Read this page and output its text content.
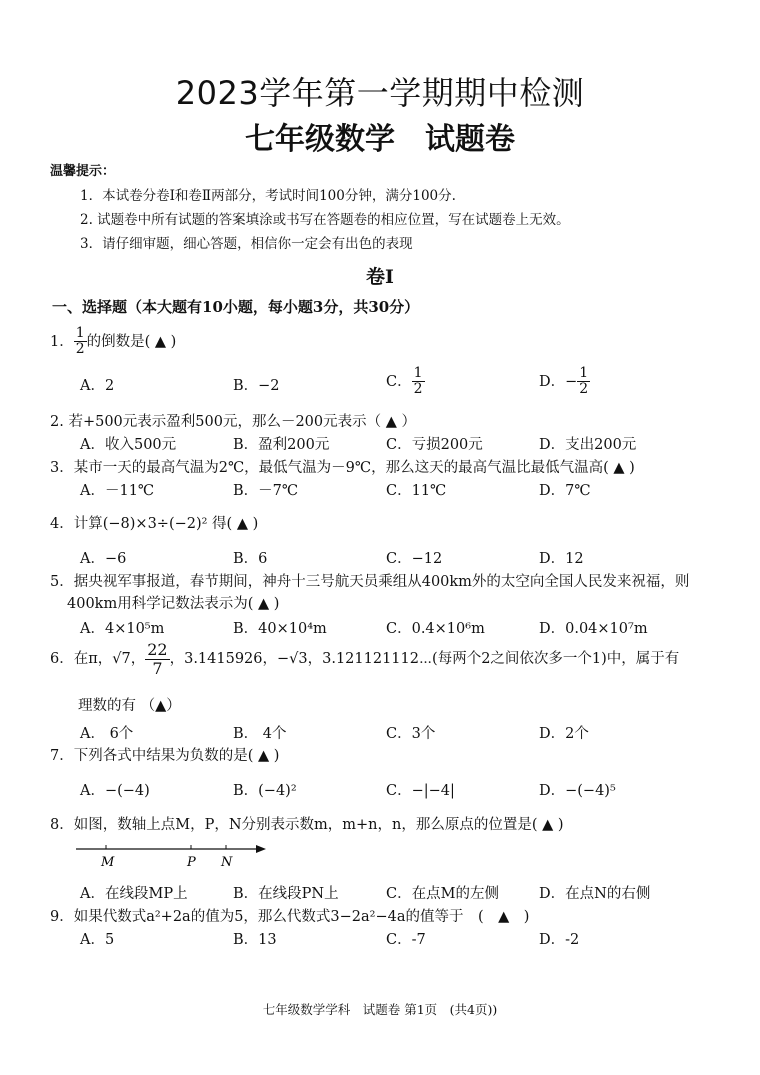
2023学年第一学期期中检测
七年级数学　试题卷
温馨提示：
1．本试卷分卷Ⅰ和卷Ⅱ两部分，考试时间100分钟，满分100分.
2. 试题卷中所有试题的答案填涂或书写在答题卷的相应位置，写在试题卷上无效。
3．请仔细审题，细心答题，相信你一定会有出色的表现
卷Ⅰ
一、选择题（本大题有10小题，每小题3分，共30分）
1． $\frac{1}{2}$ 的倒数是( ▲ )
A．2	B．−2	C． $\frac{1}{2}$	D．− $\frac{1}{2}$
2. 若+500元表示盈利500元，那么－200元表示（ ▲ ）
A．收入500元	B．盈利200元	C．亏损200元	D．支出200元
3．某市一天的最高气温为2℃，最低气温为－9℃，那么这天的最高气温比最低气温高( ▲ )
A．－11℃	B．－7℃	C．11℃	D．7℃
4．计算(−8)×3÷(−2)² 得( ▲ )
A．−6	B．6	C．−12	D．12
5．据央视军事报道，春节期间，神舟十三号航天员乘组从400km外的太空向全国人民发来祝福，则
400km用科学记数法表示为( ▲ )
A．4×10⁵m	B．40×10⁴m	C．0.4×10⁶m	D．0.04×10⁷m
6．在π，√7， $\frac{22}{7}$ ，3.1415926，−√3，3.121121112⋯(每两个2之间依次多一个1)中，属于有
理数的有 （▲）
A． 6个	B． 4个	C．3个	D．2个
7．下列各式中结果为负数的是( ▲ )
A．−(−4)	B．(−4)²	C．−|−4|	D．−(−4)⁵
8．如图，数轴上点M，P，N分别表示数m，m+n，n，那么原点的位置是( ▲ )
M	P N
A．在线段MP上	B．在线段PN上	C．在点M的左侧	D．在点N的右侧
9．如果代数式a²+2a的值为5，那么代数式3−2a²−4a的值等于　(　▲　)
A．5	B．13	C．-7	D．-2
七年级数学学科　试题卷 第1页　(共4页))
